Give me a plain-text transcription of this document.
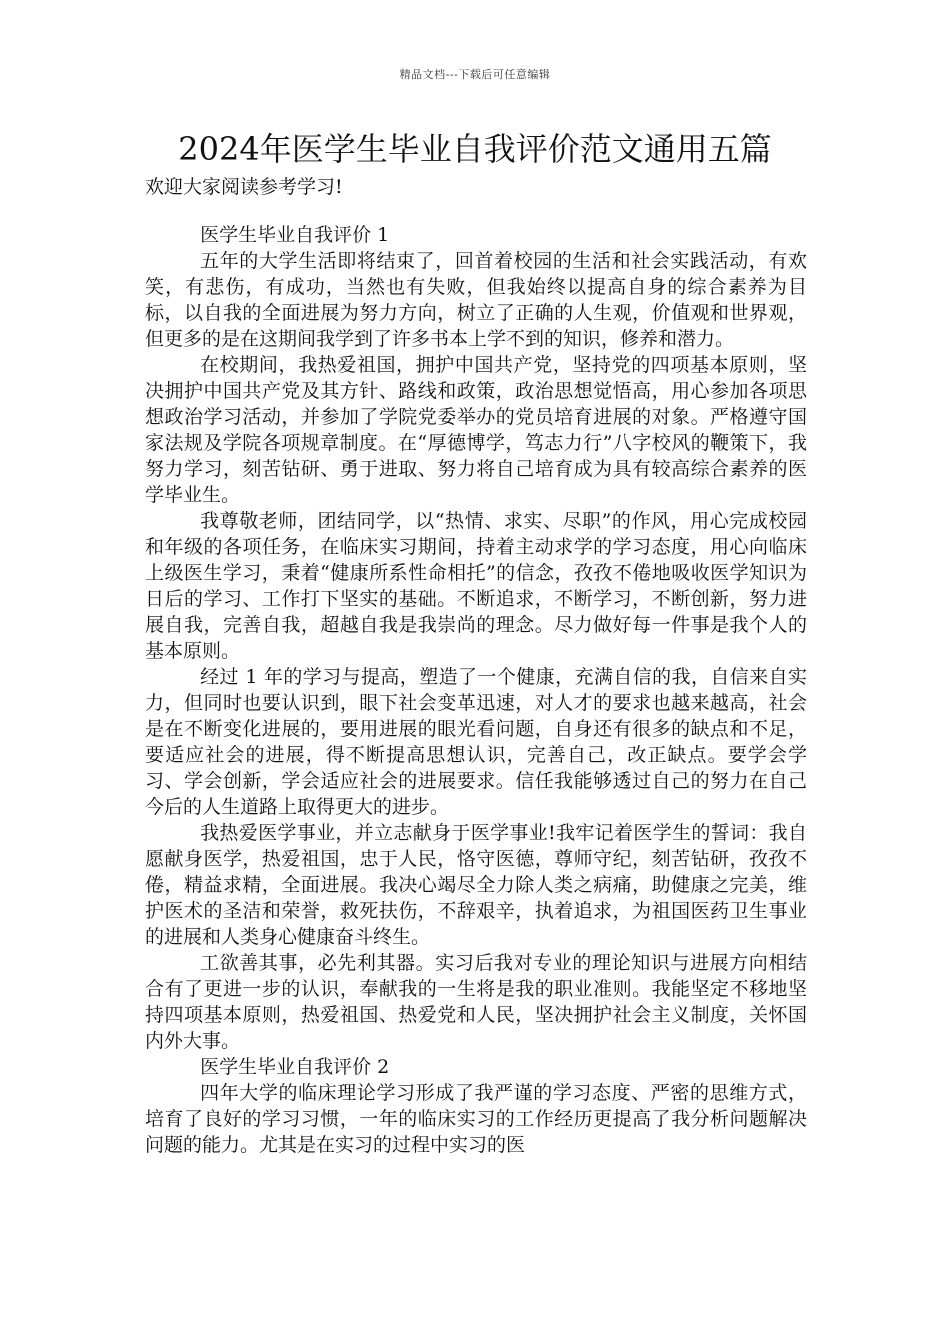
精品文档---下载后可任意编辑
2024年医学生毕业自我评价范文通用五篇

欢迎大家阅读参考学习!

医学生毕业自我评价 1

五年的大学生活即将结束了，回首着校园的生活和社会实践活动，有欢笑，有悲伤，有成功，当然也有失败，但我始终以提高自身的综合素养为目标，以自我的全面进展为努力方向，树立了正确的人生观，价值观和世界观，但更多的是在这期间我学到了许多书本上学不到的知识，修养和潜力。

在校期间，我热爱祖国，拥护中国共产党，坚持党的四项基本原则，坚决拥护中国共产党及其方针、路线和政策，政治思想觉悟高，用心参加各项思想政治学习活动，并参加了学院党委举办的党员培育进展的对象。严格遵守国家法规及学院各项规章制度。在“厚德博学，笃志力行”八字校风的鞭策下，我努力学习，刻苦钻研、勇于进取、努力将自己培育成为具有较高综合素养的医学毕业生。

我尊敬老师，团结同学，以“热情、求实、尽职”的作风，用心完成校园和年级的各项任务，在临床实习期间，持着主动求学的学习态度，用心向临床上级医生学习，秉着“健康所系性命相托”的信念，孜孜不倦地吸收医学知识为日后的学习、工作打下坚实的基础。不断追求，不断学习，不断创新，努力进展自我，完善自我，超越自我是我崇尚的理念。尽力做好每一件事是我个人的基本原则。

经过 1 年的学习与提高，塑造了一个健康，充满自信的我，自信来自实力，但同时也要认识到，眼下社会变革迅速，对人才的要求也越来越高，社会是在不断变化进展的，要用进展的眼光看问题，自身还有很多的缺点和不足，要适应社会的进展，得不断提高思想认识，完善自己，改正缺点。要学会学习、学会创新，学会适应社会的进展要求。信任我能够透过自己的努力在自己今后的人生道路上取得更大的进步。

我热爱医学事业，并立志献身于医学事业!我牢记着医学生的誓词：我自愿献身医学，热爱祖国，忠于人民，恪守医德，尊师守纪，刻苦钻研，孜孜不倦，精益求精，全面进展。我决心竭尽全力除人类之病痛，助健康之完美，维护医术的圣洁和荣誉，救死扶伤，不辞艰辛，执着追求，为祖国医药卫生事业的进展和人类身心健康奋斗终生。

工欲善其事，必先利其器。实习后我对专业的理论知识与进展方向相结合有了更进一步的认识，奉献我的一生将是我的职业准则。我能坚定不移地坚持四项基本原则，热爱祖国、热爱党和人民，坚决拥护社会主义制度，关怀国内外大事。

医学生毕业自我评价 2

四年大学的临床理论学习形成了我严谨的学习态度、严密的思维方式，培育了良好的学习习惯，一年的临床实习的工作经历更提高了我分析问题解决问题的能力。尤其是在实习的过程中实习的医
